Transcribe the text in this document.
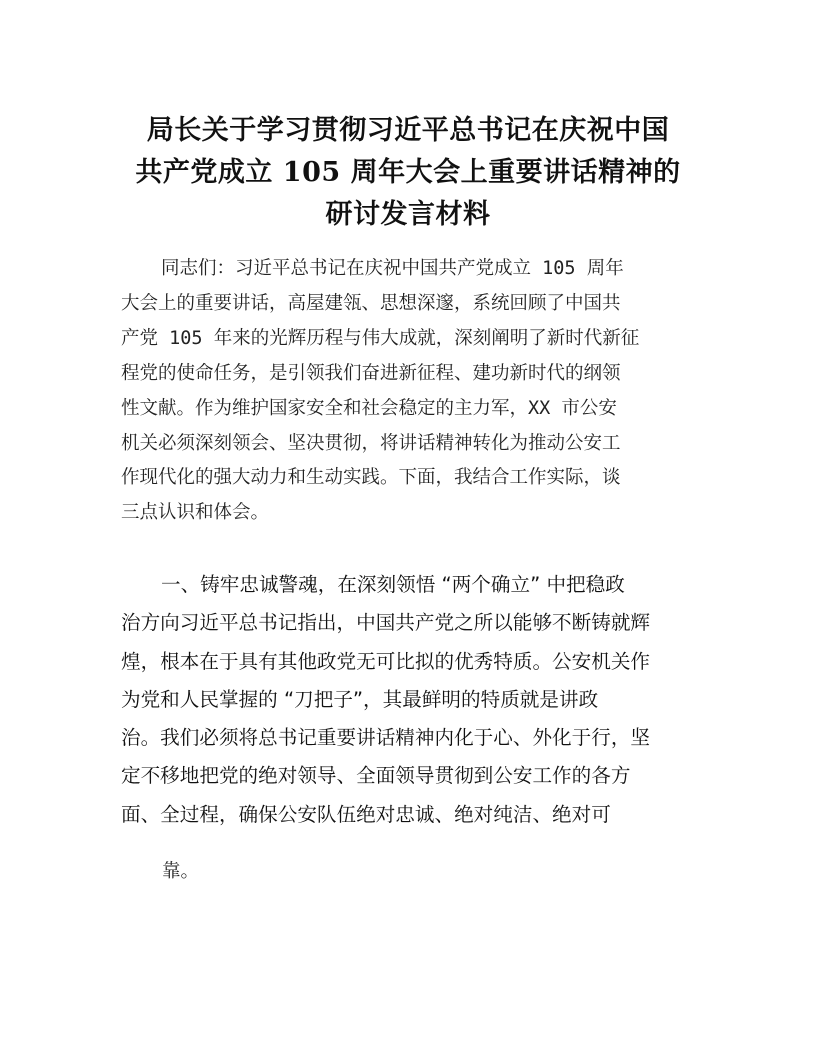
局长关于学习贯彻习近平总书记在庆祝中国
共产党成立 105 周年大会上重要讲话精神的
研讨发言材料
同志们：习近平总书记在庆祝中国共产党成立 105 周年
大会上的重要讲话，高屋建瓴、思想深邃，系统回顾了中国共
产党 105 年来的光辉历程与伟大成就，深刻阐明了新时代新征
程党的使命任务，是引领我们奋进新征程、建功新时代的纲领
性文献。作为维护国家安全和社会稳定的主力军，XX 市公安
机关必须深刻领会、坚决贯彻，将讲话精神转化为推动公安工
作现代化的强大动力和生动实践。下面，我结合工作实际，谈
三点认识和体会。
一、铸牢忠诚警魂，在深刻领悟 “两个确立” 中把稳政
治方向习近平总书记指出，中国共产党之所以能够不断铸就辉
煌，根本在于具有其他政党无可比拟的优秀特质。公安机关作
为党和人民掌握的 “刀把子”，其最鲜明的特质就是讲政
治。我们必须将总书记重要讲话精神内化于心、外化于行，坚
定不移地把党的绝对领导、全面领导贯彻到公安工作的各方
面、全过程，确保公安队伍绝对忠诚、绝对纯洁、绝对可
靠。
